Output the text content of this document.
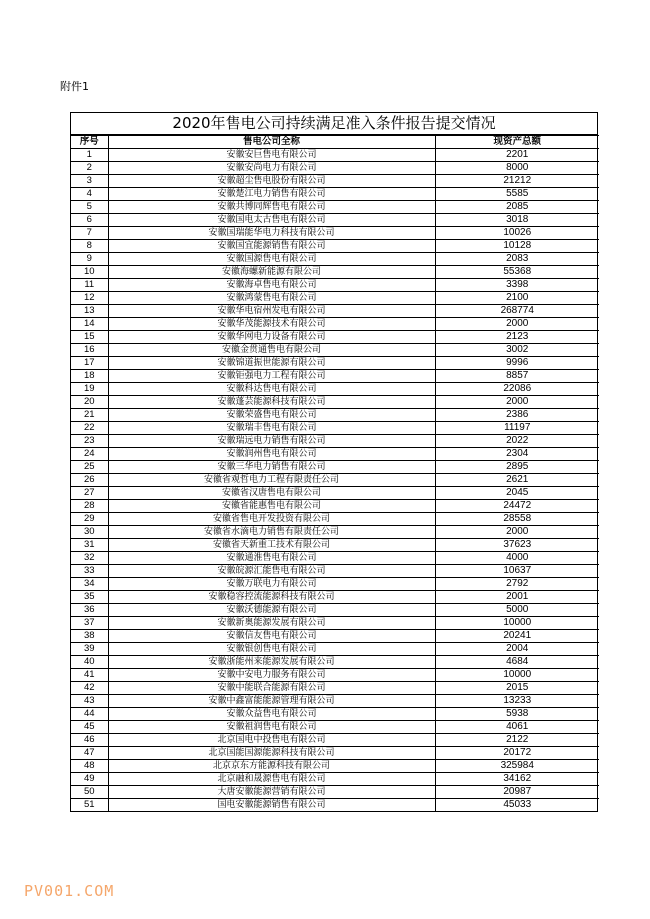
附件1
2020年售电公司持续满足准入条件报告提交情况
序号	售电公司全称	现资产总额
1	安徽安巨售电有限公司	2201
2	安徽安尚电力有限公司	8000
3	安徽超尘售电股份有限公司	21212
4	安徽楚江电力销售有限公司	5585
5	安徽共博同辉售电有限公司	2085
6	安徽国电太古售电有限公司	3018
7	安徽国瑞能华电力科技有限公司	10026
8	安徽国宜能源销售有限公司	10128
9	安徽国源售电有限公司	2083
10	安徽海螺新能源有限公司	55368
11	安徽海卓售电有限公司	3398
12	安徽鸿蒙售电有限公司	2100
13	安徽华电宿州发电有限公司	268774
14	安徽华茂能源技术有限公司	2000
15	安徽华网电力设备有限公司	2123
16	安徽金贯通售电有限公司	3002
17	安徽锦道振世能源有限公司	9996
18	安徽钜强电力工程有限公司	8857
19	安徽科达售电有限公司	22086
20	安徽蓬芸能源科技有限公司	2000
21	安徽荣盛售电有限公司	2386
22	安徽瑞丰售电有限公司	11197
23	安徽瑞远电力销售有限公司	2022
24	安徽润州售电有限公司	2304
25	安徽三华电力销售有限公司	2895
26	安徽省观哲电力工程有限责任公司	2621
27	安徽省汉唐售电有限公司	2045
28	安徽省能惠售电有限公司	24472
29	安徽省售电开发投资有限公司	28558
30	安徽省水滴电力销售有限责任公司	2000
31	安徽省天新重工技术有限公司	37623
32	安徽通淮售电有限公司	4000
33	安徽皖源汇能售电有限公司	10637
34	安徽万联电力有限公司	2792
35	安徽稳容控流能源科技有限公司	2001
36	安徽沃德能源有限公司	5000
37	安徽新奥能源发展有限公司	10000
38	安徽信友售电有限公司	20241
39	安徽银创售电有限公司	2004
40	安徽浙能州来能源发展有限公司	4684
41	安徽中安电力服务有限公司	10000
42	安徽中能联合能源有限公司	2015
43	安徽中鑫富能能源管理有限公司	13233
44	安徽众益售电有限公司	5938
45	安徽祖润售电有限公司	4061
46	北京国电中投售电有限公司	2122
47	北京国能国源能源科技有限公司	20172
48	北京京东方能源科技有限公司	325984
49	北京融和晟源售电有限公司	34162
50	大唐安徽能源营销有限公司	20987
51	国电安徽能源销售有限公司	45033
PV001.COM
